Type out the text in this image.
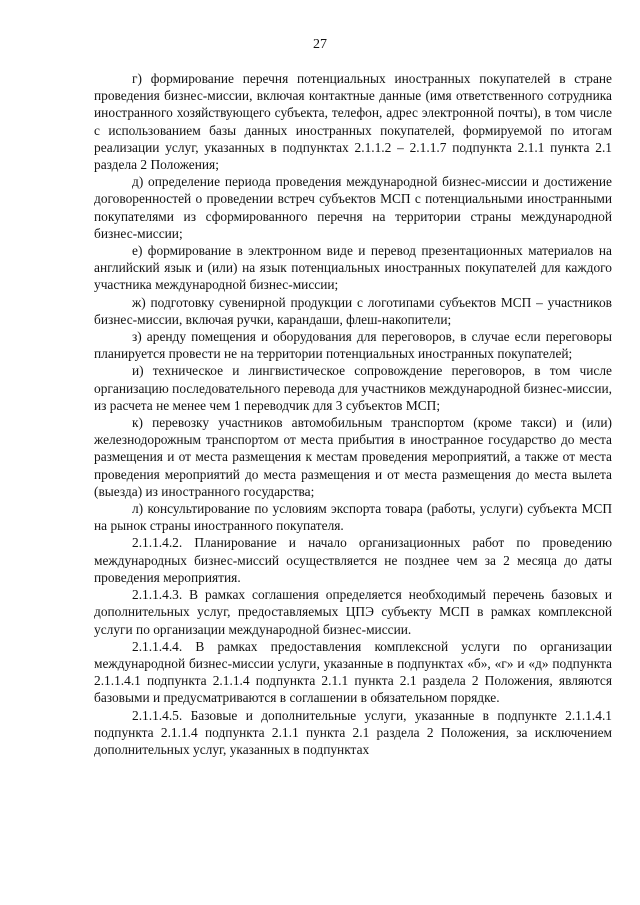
27

г) формирование перечня потенциальных иностранных покупателей в стране проведения бизнес-миссии, включая контактные данные (имя ответственного сотрудника иностранного хозяйствующего субъекта, телефон, адрес электронной почты), в том числе с использованием базы данных иностранных покупателей, формируемой по итогам реализации услуг, указанных в подпунктах 2.1.1.2 – 2.1.1.7 подпункта 2.1.1 пункта 2.1 раздела 2 Положения;

д) определение периода проведения международной бизнес-миссии и достижение договоренностей о проведении встреч субъектов МСП с потенциальными иностранными покупателями из сформированного перечня на территории страны международной бизнес-миссии;

е) формирование в электронном виде и перевод презентационных материалов на английский язык и (или) на язык потенциальных иностранных покупателей для каждого участника международной бизнес-миссии;

ж) подготовку сувенирной продукции с логотипами субъектов МСП – участников бизнес-миссии, включая ручки, карандаши, флеш-накопители;

з) аренду помещения и оборудования для переговоров, в случае если переговоры планируется провести не на территории потенциальных иностранных покупателей;

и) техническое и лингвистическое сопровождение переговоров, в том числе организацию последовательного перевода для участников международной бизнес-миссии, из расчета не менее чем 1 переводчик для 3 субъектов МСП;

к) перевозку участников автомобильным транспортом (кроме такси) и (или) железнодорожным транспортом от места прибытия в иностранное государство до места размещения и от места размещения к местам проведения мероприятий, а также от места проведения мероприятий до места размещения и от места размещения до места вылета (выезда) из иностранного государства;

л) консультирование по условиям экспорта товара (работы, услуги) субъекта МСП на рынок страны иностранного покупателя.

2.1.1.4.2. Планирование и начало организационных работ по проведению международных бизнес-миссий осуществляется не позднее чем за 2 месяца до даты проведения мероприятия.

2.1.1.4.3. В рамках соглашения определяется необходимый перечень базовых и дополнительных услуг, предоставляемых ЦПЭ субъекту МСП в рамках комплексной услуги по организации международной бизнес-миссии.

2.1.1.4.4. В рамках предоставления комплексной услуги по организации международной бизнес-миссии услуги, указанные в подпунктах «б», «г» и «д» подпункта 2.1.1.4.1 подпункта 2.1.1.4 подпункта 2.1.1 пункта 2.1 раздела 2 Положения, являются базовыми и предусматриваются в соглашении в обязательном порядке.

2.1.1.4.5. Базовые и дополнительные услуги, указанные в подпункте 2.1.1.4.1 подпункта 2.1.1.4 подпункта 2.1.1 пункта 2.1 раздела 2 Положения, за исключением дополнительных услуг, указанных в подпунктах
